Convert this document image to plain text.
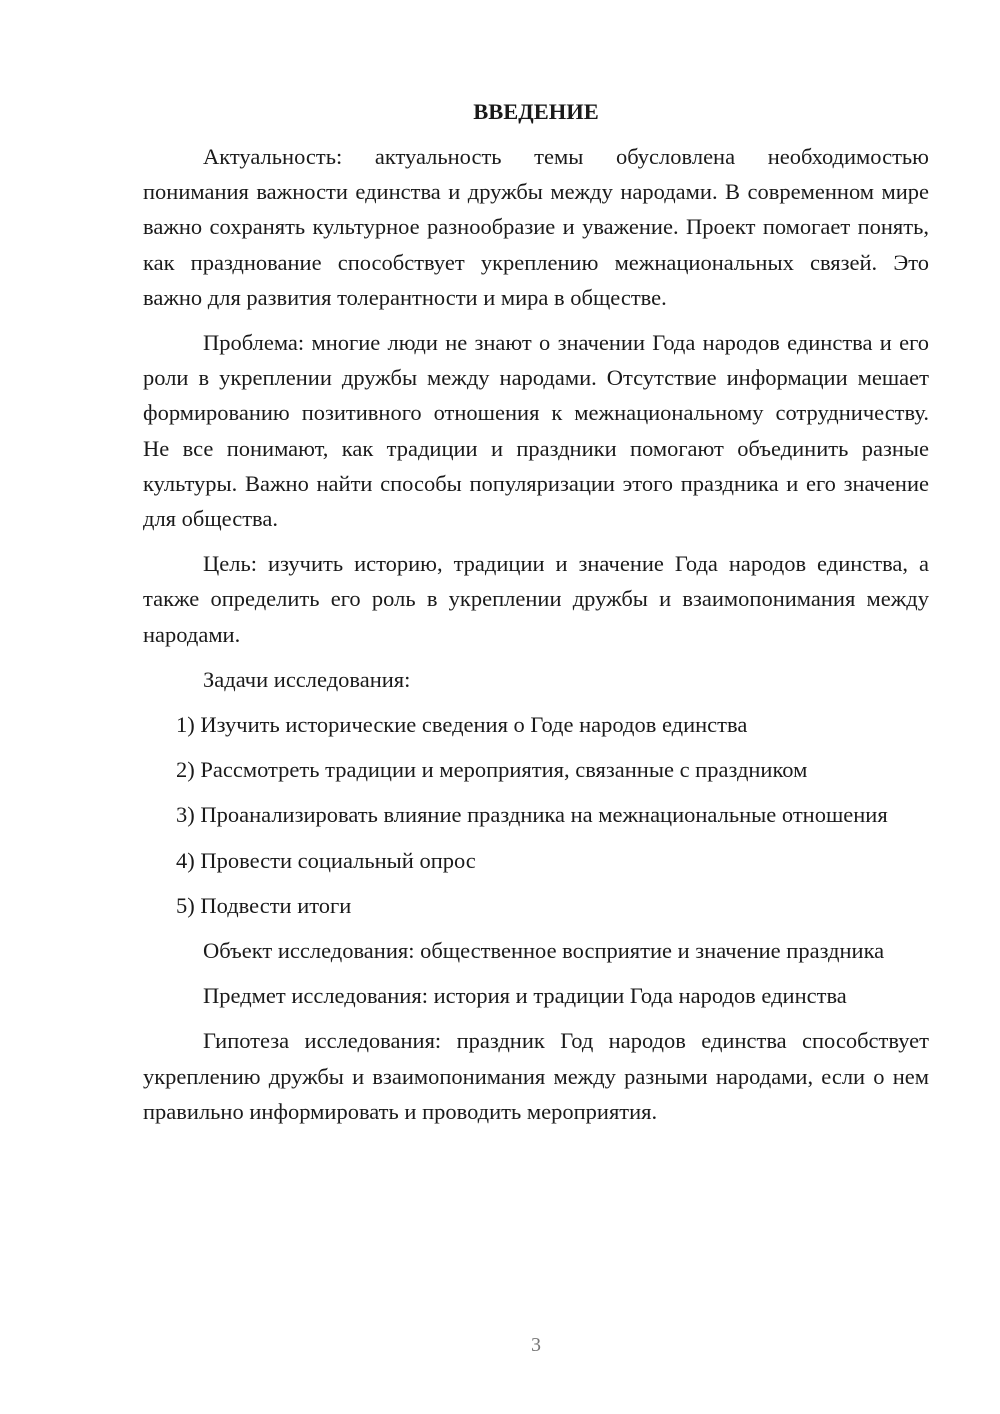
ВВЕДЕНИЕ

Актуальность: актуальность темы обусловлена необходимостью понимания важности единства и дружбы между народами. В современном мире важно сохранять культурное разнообразие и уважение. Проект помогает понять, как празднование способствует укреплению межнациональных связей. Это важно для развития толерантности и мира в обществе.

Проблема: многие люди не знают о значении Года народов единства и его роли в укреплении дружбы между народами. Отсутствие информации мешает формированию позитивного отношения к межнациональному сотрудничеству. Не все понимают, как традиции и праздники помогают объединить разные культуры. Важно найти способы популяризации этого праздника и его значение для общества.

Цель: изучить историю, традиции и значение Года народов единства, а также определить его роль в укреплении дружбы и взаимопонимания между народами.

Задачи исследования:

1) Изучить исторические сведения о Годе народов единства

2) Рассмотреть традиции и мероприятия, связанные с праздником

3) Проанализировать влияние праздника на межнациональные отношения

4) Провести социальный опрос

5) Подвести итоги

Объект исследования: общественное восприятие и значение праздника

Предмет исследования: история и традиции Года народов единства

Гипотеза исследования: праздник Год народов единства способствует укреплению дружбы и взаимопонимания между разными народами, если о нем правильно информировать и проводить мероприятия.

3
